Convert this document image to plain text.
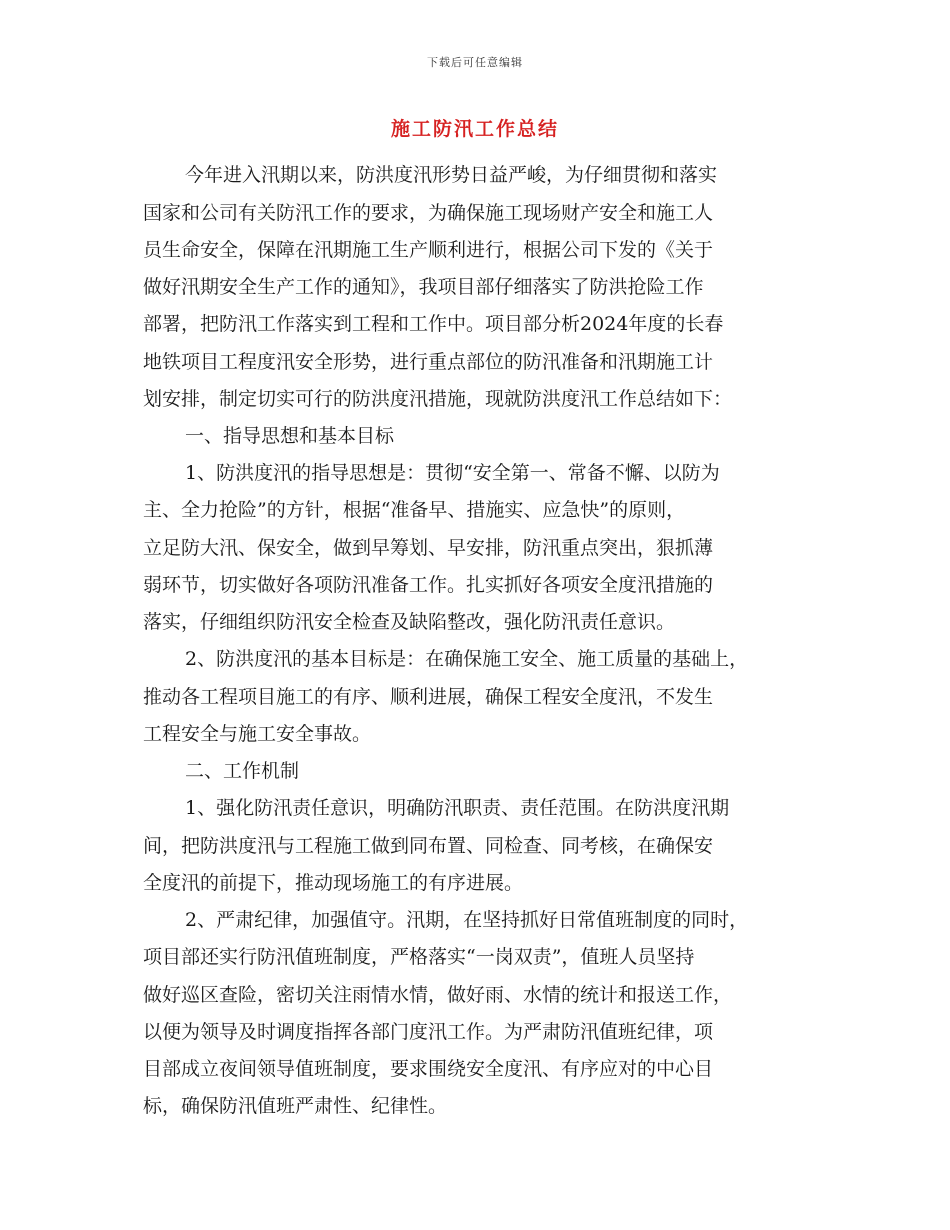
下载后可任意编辑
施工防汛工作总结
今年进入汛期以来，防洪度汛形势日益严峻，为仔细贯彻和落实
国家和公司有关防汛工作的要求，为确保施工现场财产安全和施工人
员生命安全，保障在汛期施工生产顺利进行，根据公司下发的《关于
做好汛期安全生产工作的通知》，我项目部仔细落实了防洪抢险工作
部署，把防汛工作落实到工程和工作中。项目部分析2024年度的长春
地铁项目工程度汛安全形势，进行重点部位的防汛准备和汛期施工计
划安排，制定切实可行的防洪度汛措施，现就防洪度汛工作总结如下：
一、指导思想和基本目标
1、防洪度汛的指导思想是：贯彻“安全第一、常备不懈、以防为
主、全力抢险”的方针，根据“准备早、措施实、应急快”的原则，
立足防大汛、保安全，做到早筹划、早安排，防汛重点突出，狠抓薄
弱环节，切实做好各项防汛准备工作。扎实抓好各项安全度汛措施的
落实，仔细组织防汛安全检查及缺陷整改，强化防汛责任意识。
2、防洪度汛的基本目标是：在确保施工安全、施工质量的基础上，
推动各工程项目施工的有序、顺利进展，确保工程安全度汛，不发生
工程安全与施工安全事故。
二、工作机制
1、强化防汛责任意识，明确防汛职责、责任范围。在防洪度汛期
间，把防洪度汛与工程施工做到同布置、同检查、同考核，在确保安
全度汛的前提下，推动现场施工的有序进展。
2、严肃纪律，加强值守。汛期，在坚持抓好日常值班制度的同时，
项目部还实行防汛值班制度，严格落实“一岗双责”，值班人员坚持
做好巡区查险，密切关注雨情水情，做好雨、水情的统计和报送工作，
以便为领导及时调度指挥各部门度汛工作。为严肃防汛值班纪律，项
目部成立夜间领导值班制度，要求围绕安全度汛、有序应对的中心目
标，确保防汛值班严肃性、纪律性。
